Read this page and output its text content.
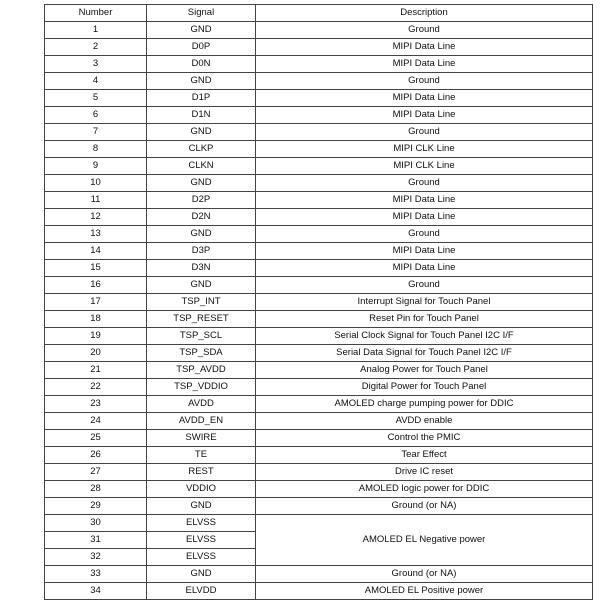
Number	Signal	Description
1	GND	Ground
2	D0P	MIPI Data Line
3	D0N	MIPI Data Line
4	GND	Ground
5	D1P	MIPI Data Line
6	D1N	MIPI Data Line
7	GND	Ground
8	CLKP	MIPI CLK Line
9	CLKN	MIPI CLK Line
10	GND	Ground
11	D2P	MIPI Data Line
12	D2N	MIPI Data Line
13	GND	Ground
14	D3P	MIPI Data Line
15	D3N	MIPI Data Line
16	GND	Ground
17	TSP_INT	Interrupt Signal for Touch Panel
18	TSP_RESET	Reset Pin for Touch Panel
19	TSP_SCL	Serial Clock Signal for Touch Panel I2C I/F
20	TSP_SDA	Serial Data Signal for Touch Panel I2C I/F
21	TSP_AVDD	Analog Power for Touch Panel
22	TSP_VDDIO	Digital Power for Touch Panel
23	AVDD	AMOLED charge pumping power for DDIC
24	AVDD_EN	AVDD enable
25	SWIRE	Control the PMIC
26	TE	Tear Effect
27	REST	Drive IC reset
28	VDDIO	AMOLED logic power for DDIC
29	GND	Ground (or NA)
30	ELVSS	AMOLED EL Negative power
31	ELVSS	
32	ELVSS	
33	GND	Ground (or NA)
34	ELVDD	AMOLED EL Positive power
